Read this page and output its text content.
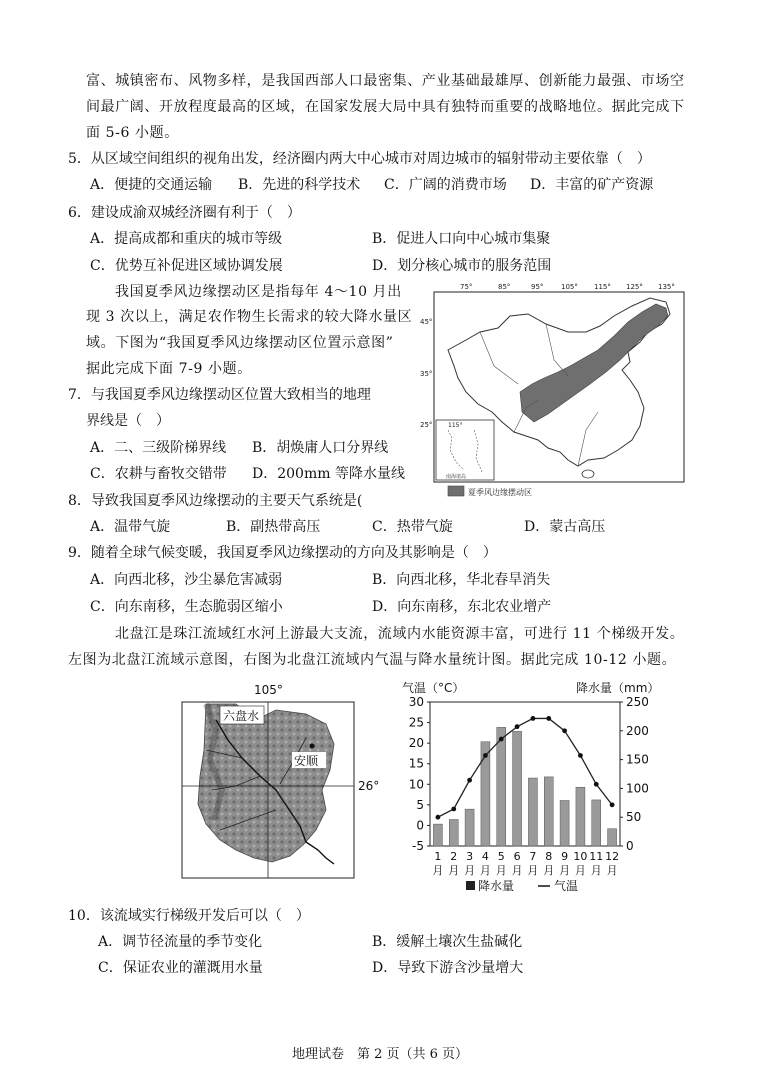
富、城镇密布、风物多样，是我国西部人口最密集、产业基础最雄厚、创新能力最强、市场空
间最广阔、开放程度最高的区域，在国家发展大局中具有独特而重要的战略地位。据此完成下
面 5-6 小题。
5．从区域空间组织的视角出发，经济圈内两大中心城市对周边城市的辐射带动主要依靠（　）
A．便捷的交通运输 B．先进的科学技术 C．广阔的消费市场 D．丰富的矿产资源
6．建设成渝双城经济圈有利于（　）
A．提高成都和重庆的城市等级	B．促进人口向中心城市集聚
C．优势互补促进区域协调发展	D．划分核心城市的服务范围
我国夏季风边缘摆动区是指每年 4～10 月出
现 3 次以上，满足农作物生长需求的较大降水量区
域。下图为“我国夏季风边缘摆动区位置示意图”
据此完成下面 7-9 小题。
75°	85°	95°	105° 115° 125° 135°
45°
35°
25°	115°
南海诸岛
夏季风边缘摆动区
7．与我国夏季风边缘摆动区位置大致相当的地理
界线是（　）
A．二、三级阶梯界线 B．胡焕庸人口分界线
C．农耕与畜牧交错带 D．200mm 等降水量线
8．导致我国夏季风边缘摆动的主要天气系统是(
A．温带气旋	B．副热带高压	C．热带气旋	D．蒙古高压
9．随着全球气候变暖，我国夏季风边缘摆动的方向及其影响是（　）
A．向西北移，沙尘暴危害减弱	B．向西北移，华北春旱消失
C．向东南移，生态脆弱区缩小	D．向东南移，东北农业增产
北盘江是珠江流域红水河上游最大支流，流域内水能资源丰富，可进行 11 个梯级开发。
左图为北盘江流域示意图，右图为北盘江流域内气温与降水量统计图。据此完成 10-12 小题。
105°
六盘水
安顺
26°
气温（°C）	降水量（mm）
30
25
20
15
10
5
0
-5
250
200
150
100
50
0
1
月
2
月
3
月
4
月
5
月
6
月
7
月
8
月
9
月
10
月
11
月
12
月
降水量	气温
10．该流域实行梯级开发后可以（　）
A．调节径流量的季节变化	B．缓解土壤次生盐碱化
C．保证农业的灌溉用水量	D．导致下游含沙量增大
地理试卷　第 2 页（共 6 页）
